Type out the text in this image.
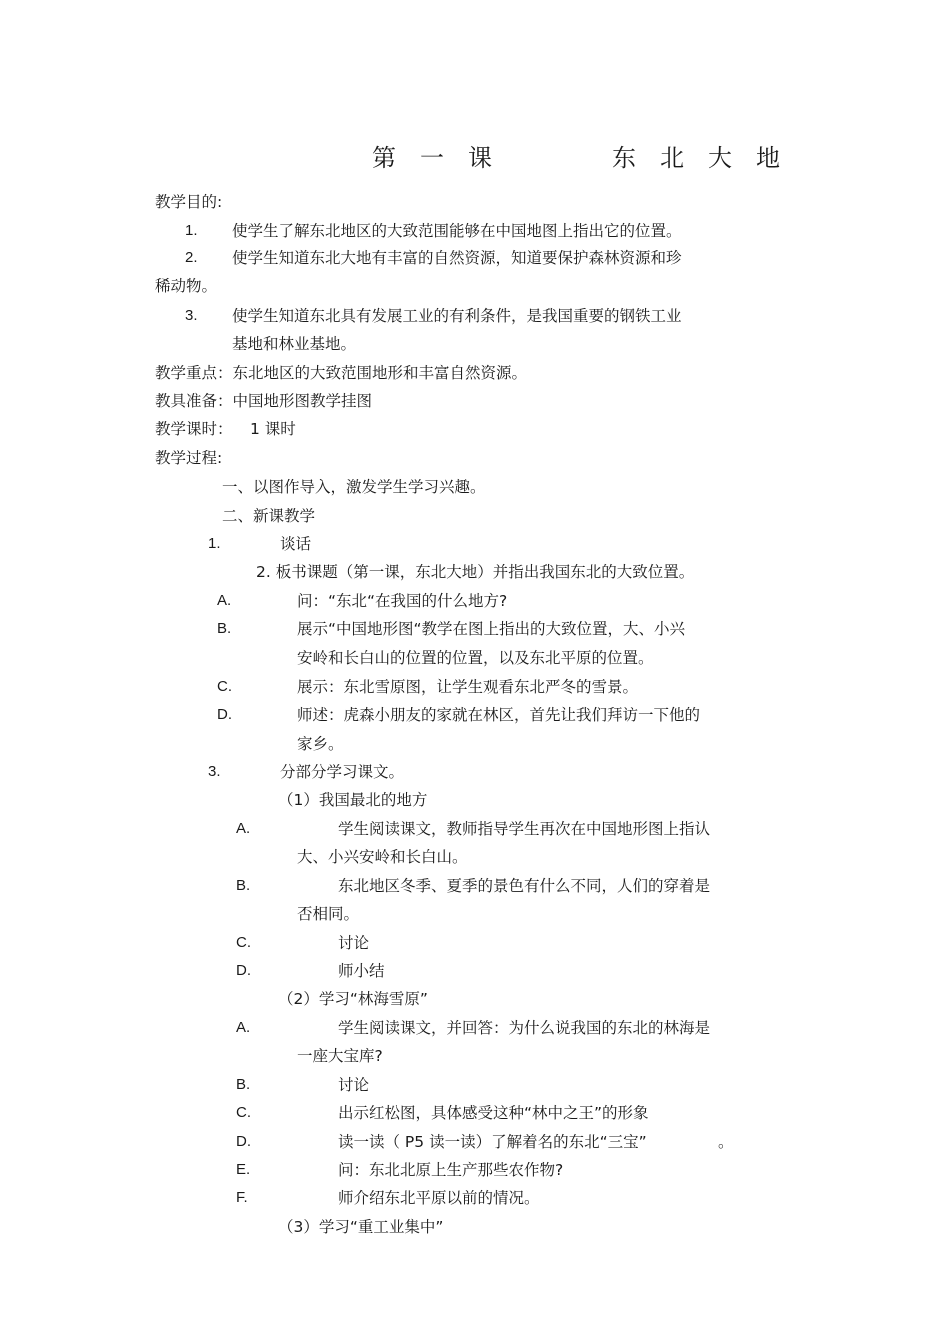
第　一　课	东　北　大　地
教学目的:
1. 使学生了解东北地区的大致范围能够在中国地图上指出它的位置。
2. 使学生知道东北大地有丰富的自然资源，知道要保护森林资源和珍
稀动物。
3. 使学生知道东北具有发展工业的有利条件，是我国重要的钢铁工业
基地和林业基地。
教学重点：东北地区的大致范围地形和丰富自然资源。
教具准备：中国地形图教学挂图
教学课时： 1 课时
教学过程:
一、以图作导入，激发学生学习兴趣。
二、新课教学
1.	谈话
2. 板书课题（第一课，东北大地）并指出我国东北的大致位置。
A.	问：“东北“在我国的什么地方?
B.	展示“中国地形图“教学在图上指出的大致位置，大、小兴
安岭和长白山的位置的位置，以及东北平原的位置。
C.	展示：东北雪原图，让学生观看东北严冬的雪景。
D.	师述：虎森小朋友的家就在林区，首先让我们拜访一下他的
家乡。
3.	分部分学习课文。
（1）我国最北的地方
A.	学生阅读课文，教师指导学生再次在中国地形图上指认
大、小兴安岭和长白山。
B.	东北地区冬季、夏季的景色有什么不同，人们的穿着是
否相同。
C.	讨论
D.	师小结
（2）学习“林海雪原”
A.	学生阅读课文，并回答：为什么说我国的东北的林海是
一座大宝库?
B.	讨论
C.	出示红松图，具体感受这种“林中之王”的形象
D.	读一读（ P5 读一读）了解着名的东北“三宝”	。
E.	问：东北北原上生产那些农作物?
F.	师介绍东北平原以前的情况。
（3）学习“重工业集中”
